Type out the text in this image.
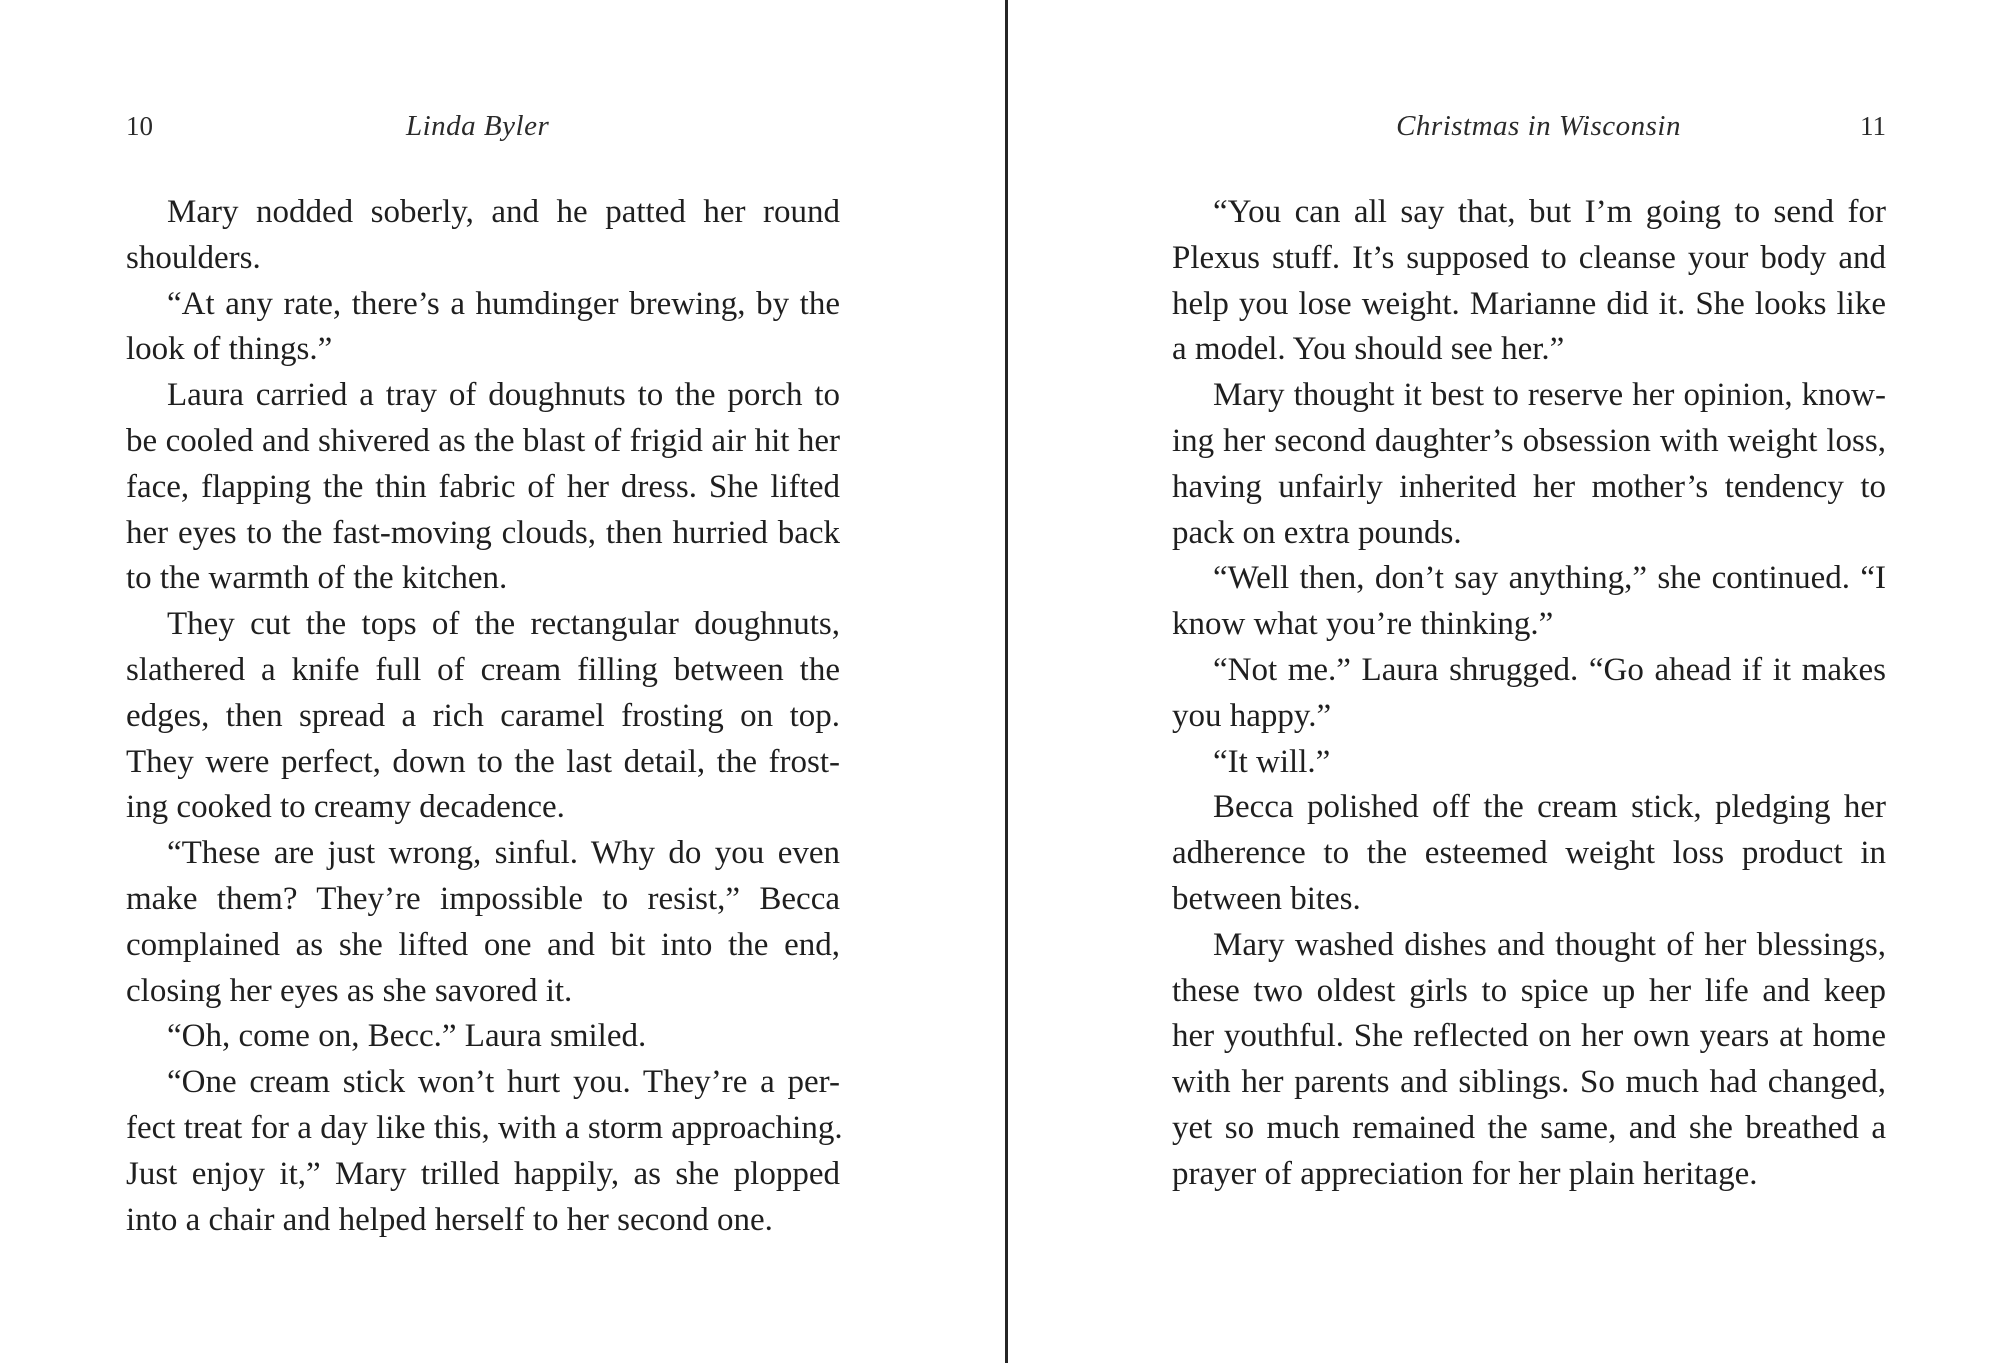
10	Linda Byler
Mary nodded soberly, and he patted her round
shoulders.
“At any rate, there’s a humdinger brewing, by the
look of things.”
Laura carried a tray of doughnuts to the porch to
be cooled and shivered as the blast of frigid air hit her
face, flapping the thin fabric of her dress. She lifted
her eyes to the fast-moving clouds, then hurried back
to the warmth of the kitchen.
They cut the tops of the rectangular doughnuts,
slathered a knife full of cream filling between the
edges, then spread a rich caramel frosting on top.
They were perfect, down to the last detail, the frost-
ing cooked to creamy decadence.
“These are just wrong, sinful. Why do you even
make them? They’re impossible to resist,” Becca
complained as she lifted one and bit into the end,
closing her eyes as she savored it.
“Oh, come on, Becc.” Laura smiled.
“One cream stick won’t hurt you. They’re a per-
fect treat for a day like this, with a storm approaching.
Just enjoy it,” Mary trilled happily, as she plopped
into a chair and helped herself to her second one.
Christmas in Wisconsin	11
“You can all say that, but I’m going to send for
Plexus stuff. It’s supposed to cleanse your body and
help you lose weight. Marianne did it. She looks like
a model. You should see her.”
Mary thought it best to reserve her opinion, know-
ing her second daughter’s obsession with weight loss,
having unfairly inherited her mother’s tendency to
pack on extra pounds.
“Well then, don’t say anything,” she continued. “I
know what you’re thinking.”
“Not me.” Laura shrugged. “Go ahead if it makes
you happy.”
“It will.”
Becca polished off the cream stick, pledging her
adherence to the esteemed weight loss product in
between bites.
Mary washed dishes and thought of her blessings,
these two oldest girls to spice up her life and keep
her youthful. She reflected on her own years at home
with her parents and siblings. So much had changed,
yet so much remained the same, and she breathed a
prayer of appreciation for her plain heritage.
